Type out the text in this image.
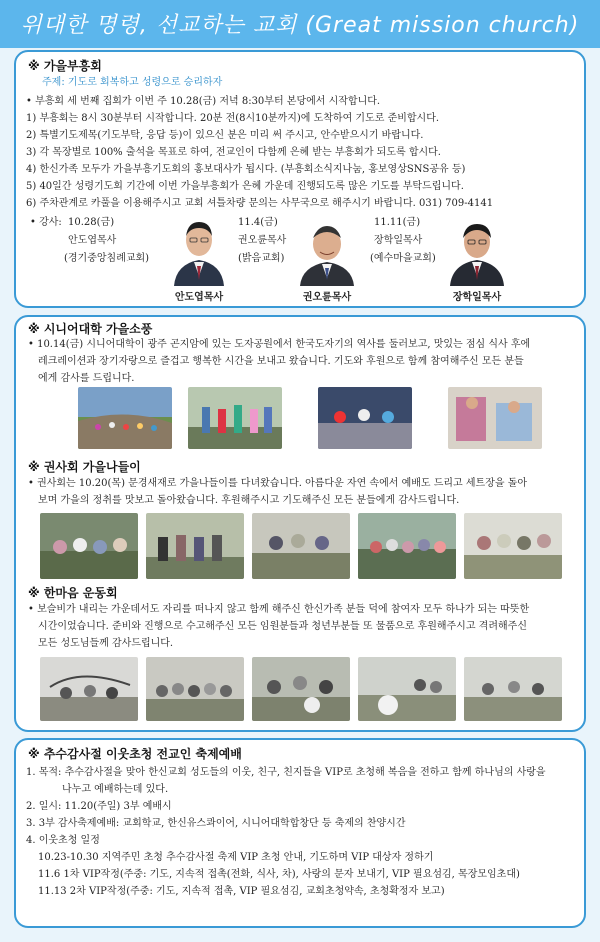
위대한 명령, 선교하는 교회 (Great mission church)
※ 가을부흥회
주제: 기도로 회복하고 성령으로 승리하자
• 부흥회 세 번째 집회가 이번 주 10.28(금) 저녁 8:30부터 본당에서 시작합니다.
1) 부흥회는 8시 30분부터 시작합니다. 20분 전(8시10분까지)에 도착하여 기도로 준비합시다.
2) 특별기도제목(기도부탁, 응답 등)이 있으신 분은 미리 써 주시고, 안수받으시기 바랍니다.
3) 각 목장별로 100% 출석을 목표로 하여, 전교인이 다함께 은혜 받는 부흥회가 되도록 합시다.
4) 한신가족 모두가 가을부흥기도회의 홍보대사가 됩시다. (부흥회소식지나눔, 홍보영상SNS공유 등)
5) 40일간 성령기도회 기간에 이번 가을부흥회가 은혜 가운데 진행되도록 많은 기도를 부탁드립니다.
6) 주차관계로 카풀을 이용해주시고 교회 셔틀차량 문의는 사무국으로 해주시기 바랍니다. 031) 709-4141
• 강사: 10.28(금)
안도엽목사
(경기중앙침례교회)
안도엽목사
11.4(금)
권오륜목사
(밝음교회)
권오륜목사
11.11(금)
장학일목사
(예수마을교회)
장학일목사
※ 시니어대학 가을소풍
• 10.14(금) 시니어대학이 광주 곤지암에 있는 도자공원에서 한국도자기의 역사를 둘러보고, 맛있는 점심 식사 후에
레크레이션과 장기자랑으로 즐겁고 행복한 시간을 보내고 왔습니다. 기도와 후원으로 함께 참여해주신 모든 분들
에게 감사를 드립니다.
※ 권사회 가을나들이
• 권사회는 10.20(목) 문경새재로 가을나들이를 다녀왔습니다. 아름다운 자연 속에서 예배도 드리고 세트장을 돌아
보며 가을의 정취를 맛보고 돌아왔습니다. 후원해주시고 기도해주신 모든 분들에게 감사드립니다.
※ 한마음 운동회
• 보슬비가 내리는 가운데서도 자리를 떠나지 않고 함께 해주신 한신가족 분들 덕에 참여자 모두 하나가 되는 따뜻한
시간이었습니다. 준비와 진행으로 수고해주신 모든 임원분들과 청년부분들 또 물품으로 후원해주시고 격려해주신
모든 성도님들께 감사드립니다.
※ 추수감사절 이웃초청 전교인 축제예배
1. 목적: 추수감사절을 맞아 한신교회 성도들의 이웃, 친구, 친지들을 VIP로 초청해 복음을 전하고 함께 하나님의 사랑을
나누고 예배하는데 있다.
2. 일시: 11.20(주일) 3부 예배시
3. 3부 감사축제예배: 교회학교, 한신유스콰이어, 시니어대학합창단 등 축제의 찬양시간
4. 이웃초청 일정
10.23-10.30 지역주민 초청 추수감사절 축제 VIP 초청 안내, 기도하며 VIP 대상자 정하기
11.6 1차 VIP작정(주중: 기도, 지속적 접촉(전화, 식사, 차), 사랑의 문자 보내기, VIP 필요섬김, 목장모임초대)
11.13 2차 VIP작정(주중: 기도, 지속적 접촉, VIP 필요섬김, 교회초청약속, 초청확정자 보고)
